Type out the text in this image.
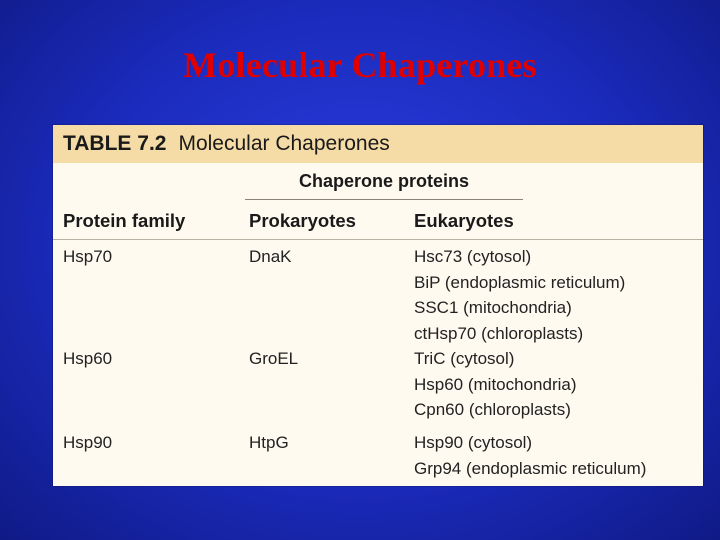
Molecular Chaperones
TABLE 7.2 Molecular Chaperones
Chaperone proteins
Protein family	Prokaryotes	Eukaryotes
Hsp70	DnaK	Hsc73 (cytosol)
BiP (endoplasmic reticulum)
SSC1 (mitochondria)
ctHsp70 (chloroplasts)
Hsp60	GroEL	TriC (cytosol)
Hsp60 (mitochondria)
Cpn60 (chloroplasts)
Hsp90	HtpG	Hsp90 (cytosol)
Grp94 (endoplasmic reticulum)
